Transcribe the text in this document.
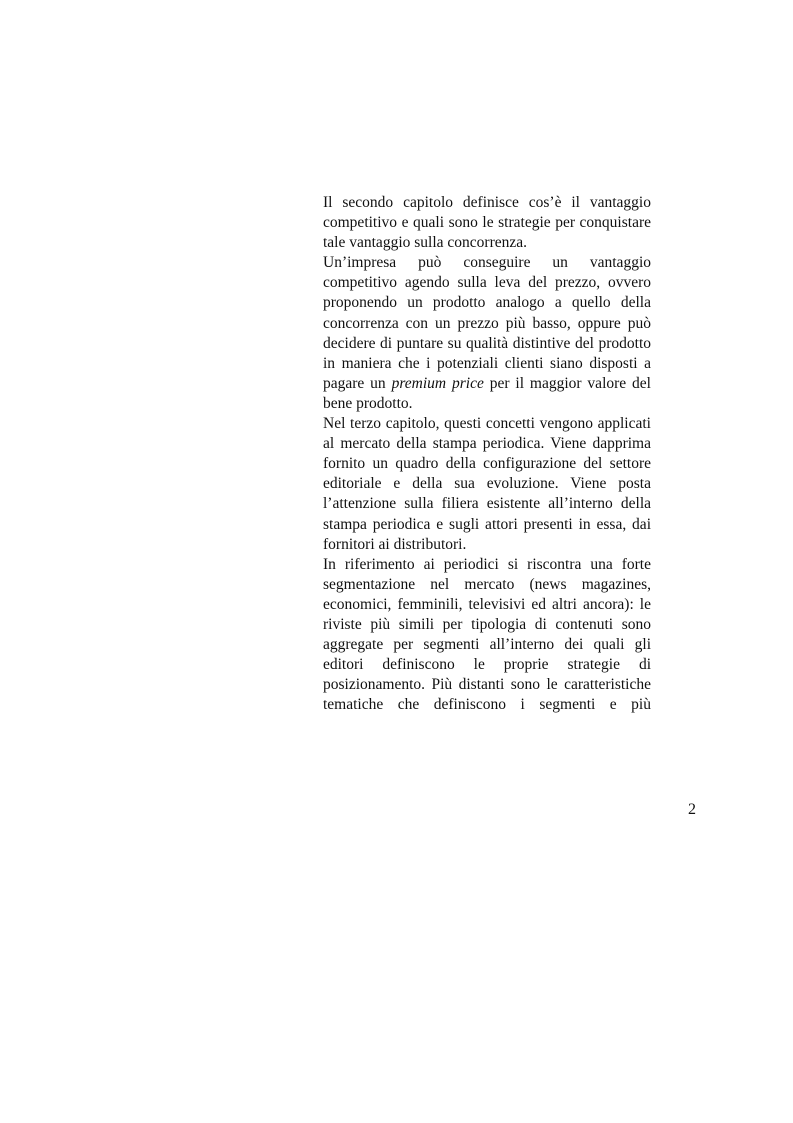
Il secondo capitolo definisce cos’è il vantaggio competitivo e quali sono le strategie per conquistare tale vantaggio sulla concorrenza.

Un’impresa può conseguire un vantaggio competitivo agendo sulla leva del prezzo, ovvero proponendo un prodotto analogo a quello della concorrenza con un prezzo più basso, oppure può decidere di puntare su qualità distintive del prodotto in maniera che i potenziali clienti siano disposti a pagare un premium price per il maggior valore del bene prodotto.

Nel terzo capitolo, questi concetti vengono applicati al mercato della stampa periodica. Viene dapprima fornito un quadro della configurazione del settore editoriale e della sua evoluzione. Viene posta l’attenzione sulla filiera esistente all’interno della stampa periodica e sugli attori presenti in essa, dai fornitori ai distributori.

In riferimento ai periodici si riscontra una forte segmentazione nel mercato (news magazines, economici, femminili, televisivi ed altri ancora): le riviste più simili per tipologia di contenuti sono aggregate per segmenti all’interno dei quali gli editori definiscono le proprie strategie di posizionamento. Più distanti sono le caratteristiche tematiche che definiscono i segmenti e più

2
